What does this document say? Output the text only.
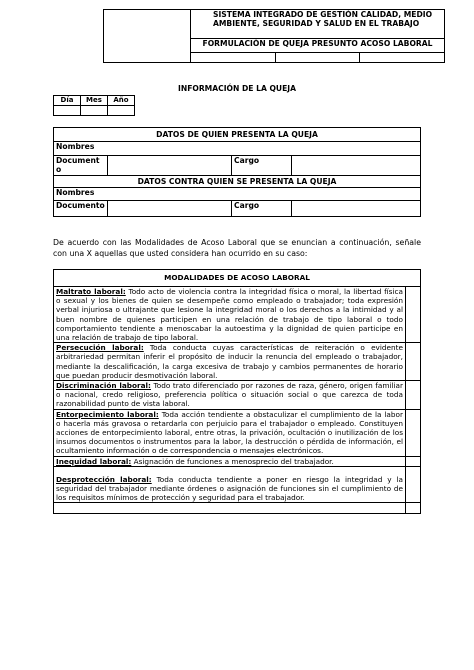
	SISTEMA INTEGRADO DE GESTIÓN CALIDAD, MEDIO AMBIENTE, SEGURIDAD Y SALUD EN EL TRABAJO		
	FORMULACIÓN DE QUEJA PRESUNTO ACOSO LABORAL		

INFORMACIÓN DE LA QUEJA
Día	Mes	Año

DATOS DE QUIEN PRESENTA LA QUEJA			
Nombres			
Document o		Cargo	
DATOS CONTRA QUIEN SE PRESENTA LA QUEJA			
Nombres			
Documento		Cargo	
De acuerdo con las Modalidades de Acoso Laboral que se enuncian a continuación, señale con una X aquellas que usted considera han ocurrido en su caso:
MODALIDADES DE ACOSO LABORAL	
Maltrato laboral: Todo acto de violencia contra la integridad física o moral, la libertad física o sexual y los bienes de quien se desempeñe como empleado o trabajador; toda expresión verbal injuriosa o ultrajante que lesione la integridad moral o los derechos a la intimidad y al buen nombre de quienes participen en una relación de trabajo de tipo laboral o todo comportamiento tendiente a menoscabar la autoestima y la dignidad de quien participe en una relación de trabajo de tipo laboral.	
Persecución laboral: Toda conducta cuyas características de reiteración o evidente arbitrariedad permitan inferir el propósito de inducir la renuncia del empleado o trabajador, mediante la descalificación, la carga excesiva de trabajo y cambios permanentes de horario que puedan producir desmotivación laboral.	
Discriminación laboral: Todo trato diferenciado por razones de raza, género, origen familiar o nacional, credo religioso, preferencia política o situación social o que carezca de toda razonabilidad punto de vista laboral.	
Entorpecimiento laboral: Toda acción tendiente a obstaculizar el cumplimiento de la labor o hacerla más gravosa o retardarla con perjuicio para el trabajador o empleado. Constituyen acciones de entorpecimiento laboral, entre otras, la privación, ocultación o inutilización de los insumos documentos o instrumentos para la labor, la destrucción o pérdida de información, el ocultamiento información o de correspondencia o mensajes electrónicos.	
Inequidad laboral: Asignación de funciones a menosprecio del trabajador.	
Desprotección laboral: Toda conducta tendiente a poner en riesgo la integridad y la seguridad del trabajador mediante órdenes o asignación de funciones sin el cumplimiento de los requisitos mínimos de protección y seguridad para el trabajador.	
